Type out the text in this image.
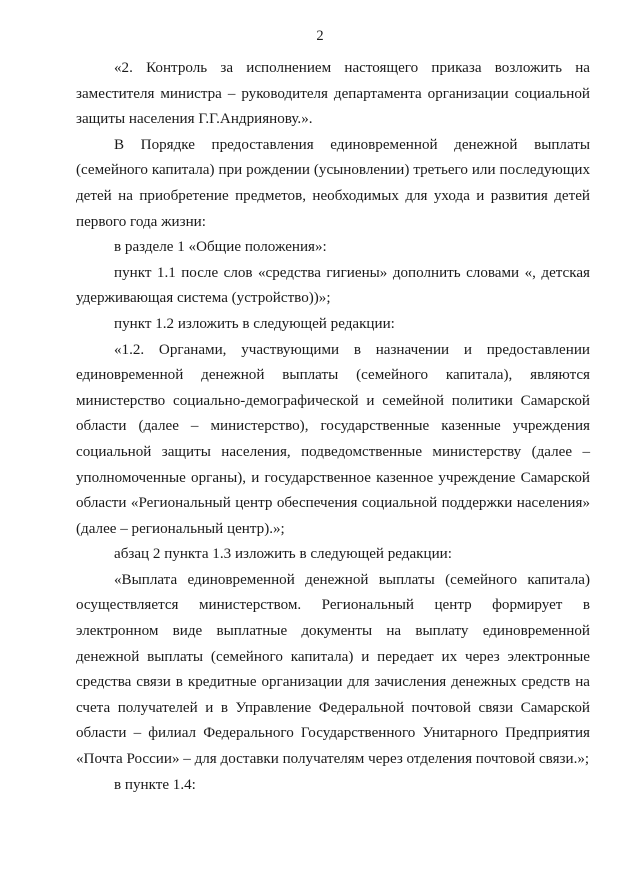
2

«2. Контроль за исполнением настоящего приказа возложить на заместителя министра – руководителя департамента организации социальной защиты населения Г.Г.Андриянову.».

В Порядке предоставления единовременной денежной выплаты (семейного капитала) при рождении (усыновлении) третьего или последующих детей на приобретение предметов, необходимых для ухода и развития детей первого года жизни:

в разделе 1 «Общие положения»:

пункт 1.1 после слов «средства гигиены» дополнить словами «, детская удерживающая система (устройство))»;

пункт 1.2 изложить в следующей редакции:

«1.2. Органами, участвующими в назначении и предоставлении единовременной денежной выплаты (семейного капитала), являются министерство социально-демографической и семейной политики Самарской области (далее – министерство), государственные казенные учреждения социальной защиты населения, подведомственные министерству (далее – уполномоченные органы), и государственное казенное учреждение Самарской области «Региональный центр обеспечения социальной поддержки населения» (далее – региональный центр).»;

абзац 2 пункта 1.3 изложить в следующей редакции:

«Выплата единовременной денежной выплаты (семейного капитала) осуществляется министерством. Региональный центр формирует в электронном виде выплатные документы на выплату единовременной денежной выплаты (семейного капитала) и передает их через электронные средства связи в кредитные организации для зачисления денежных средств на счета получателей и в Управление Федеральной почтовой связи Самарской области – филиал Федерального Государственного Унитарного Предприятия «Почта России» – для доставки получателям через отделения почтовой связи.»;

в пункте 1.4:
